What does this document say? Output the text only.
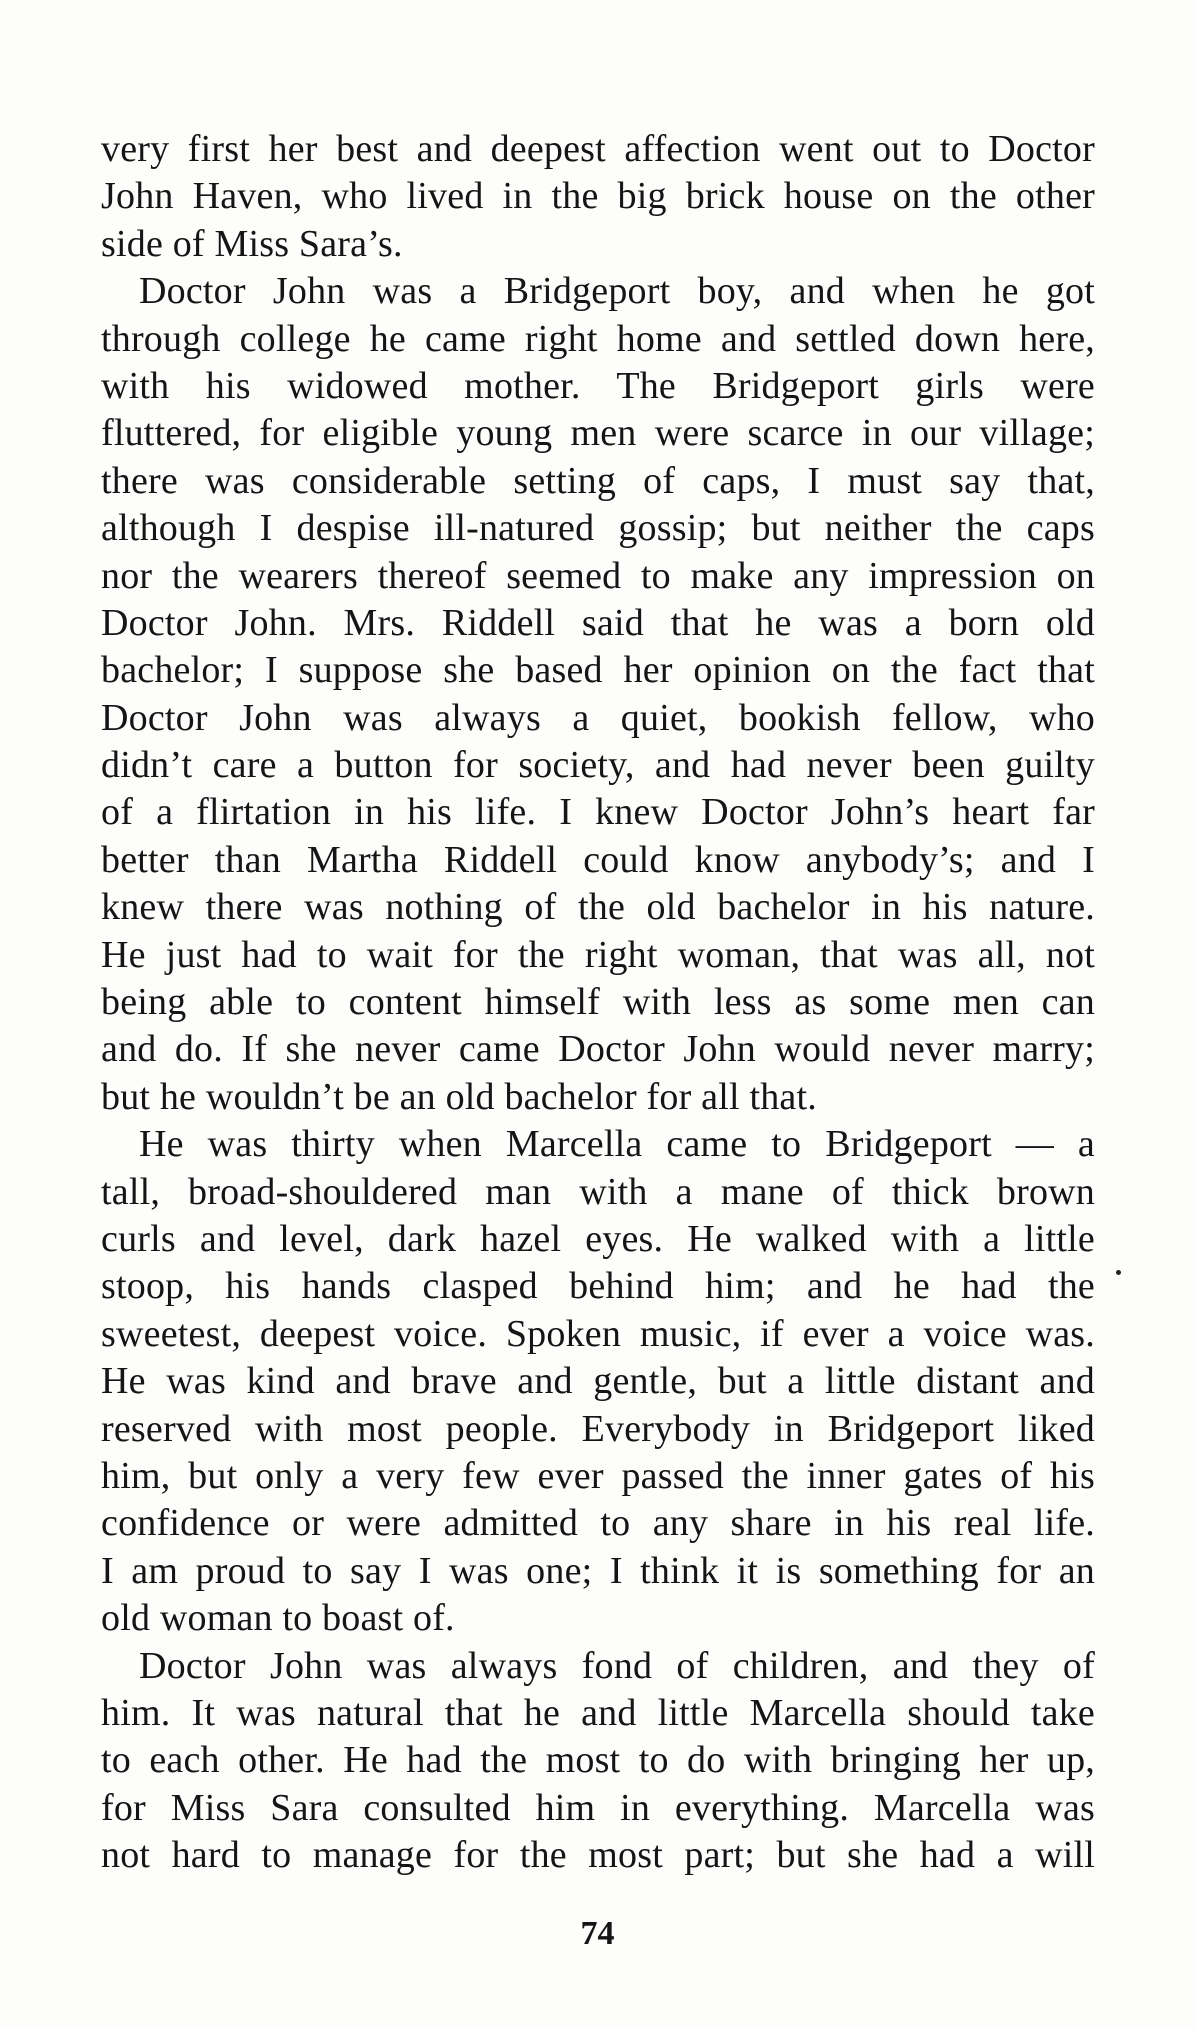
very first her best and deepest affection went out to Doctor
John Haven, who lived in the big brick house on the other
side of Miss Sara’s.
Doctor John was a Bridgeport boy, and when he got
through college he came right home and settled down here,
with his widowed mother. The Bridgeport girls were
fluttered, for eligible young men were scarce in our village;
there was considerable setting of caps, I must say that,
although I despise ill-natured gossip; but neither the caps
nor the wearers thereof seemed to make any impression on
Doctor John. Mrs. Riddell said that he was a born old
bachelor; I suppose she based her opinion on the fact that
Doctor John was always a quiet, bookish fellow, who
didn’t care a button for society, and had never been guilty
of a flirtation in his life. I knew Doctor John’s heart far
better than Martha Riddell could know anybody’s; and I
knew there was nothing of the old bachelor in his nature.
He just had to wait for the right woman, that was all, not
being able to content himself with less as some men can
and do. If she never came Doctor John would never marry;
but he wouldn’t be an old bachelor for all that.
He was thirty when Marcella came to Bridgeport — a
tall, broad-shouldered man with a mane of thick brown
curls and level, dark hazel eyes. He walked with a little
stoop, his hands clasped behind him; and he had the
sweetest, deepest voice. Spoken music, if ever a voice was.
He was kind and brave and gentle, but a little distant and
reserved with most people. Everybody in Bridgeport liked
him, but only a very few ever passed the inner gates of his
confidence or were admitted to any share in his real life.
I am proud to say I was one; I think it is something for an
old woman to boast of.
Doctor John was always fond of children, and they of
him. It was natural that he and little Marcella should take
to each other. He had the most to do with bringing her up,
for Miss Sara consulted him in everything. Marcella was
not hard to manage for the most part; but she had a will
74
